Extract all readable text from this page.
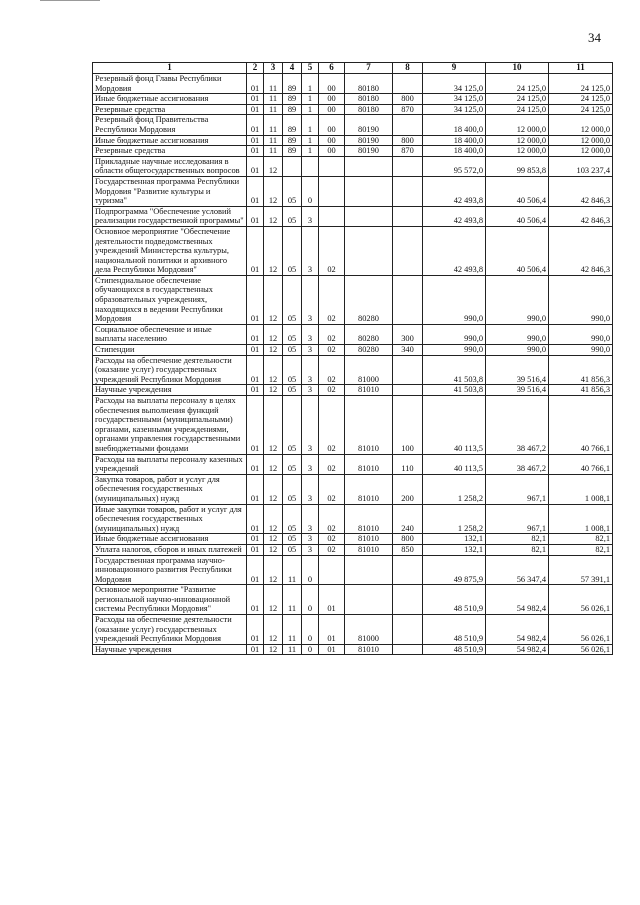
34
1	2	3	4	5	6	7	8	9	10	11
Резервный фонд Главы Республики Мордовия	01	11	89	1	00	80180		34 125,0	24 125,0	24 125,0
Иные бюджетные ассигнования	01	11	89	1	00	80180	800	34 125,0	24 125,0	24 125,0
Резервные средства	01	11	89	1	00	80180	870	34 125,0	24 125,0	24 125,0
Резервный фонд Правительства Республики Мордовия	01	11	89	1	00	80190		18 400,0	12 000,0	12 000,0
Иные бюджетные ассигнования	01	11	89	1	00	80190	800	18 400,0	12 000,0	12 000,0
Резервные средства	01	11	89	1	00	80190	870	18 400,0	12 000,0	12 000,0
Прикладные научные исследования в области общегосударственных вопросов	01	12						95 572,0	99 853,8	103 237,4
Государственная программа Республики Мордовия "Развитие культуры и туризма"	01	12	05	0				42 493,8	40 506,4	42 846,3
Подпрограмма "Обеспечение условий реализации государственной программы"	01	12	05	3				42 493,8	40 506,4	42 846,3
Основное мероприятие "Обеспечение деятельности подведомственных учреждений Министерства культуры, национальной политики и архивного дела Республики Мордовия"	01	12	05	3	02			42 493,8	40 506,4	42 846,3
Стипендиальное обеспечение обучающихся в государственных образовательных учреждениях, находящихся в ведении Республики Мордовия	01	12	05	3	02	80280		990,0	990,0	990,0
Социальное обеспечение и иные выплаты населению	01	12	05	3	02	80280	300	990,0	990,0	990,0
Стипендии	01	12	05	3	02	80280	340	990,0	990,0	990,0
Расходы на обеспечение деятельности (оказание услуг) государственных учреждений Республики Мордовия	01	12	05	3	02	81000		41 503,8	39 516,4	41 856,3
Научные учреждения	01	12	05	3	02	81010		41 503,8	39 516,4	41 856,3
Расходы на выплаты персоналу в целях обеспечения выполнения функций государственными (муниципальными) органами, казенными учреждениями, органами управления государственными внебюджетными фондами	01	12	05	3	02	81010	100	40 113,5	38 467,2	40 766,1
Расходы на выплаты персоналу казенных учреждений	01	12	05	3	02	81010	110	40 113,5	38 467,2	40 766,1
Закупка товаров, работ и услуг для обеспечения государственных (муниципальных) нужд	01	12	05	3	02	81010	200	1 258,2	967,1	1 008,1
Иные закупки товаров, работ и услуг для обеспечения государственных (муниципальных) нужд	01	12	05	3	02	81010	240	1 258,2	967,1	1 008,1
Иные бюджетные ассигнования	01	12	05	3	02	81010	800	132,1	82,1	82,1
Уплата налогов, сборов и иных платежей	01	12	05	3	02	81010	850	132,1	82,1	82,1
Государственная программа научно-инновационного развития Республики Мордовия	01	12	11	0				49 875,9	56 347,4	57 391,1
Основное мероприятие "Развитие региональной научно-инновационной системы Республики Мордовия"	01	12	11	0	01			48 510,9	54 982,4	56 026,1
Расходы на обеспечение деятельности (оказание услуг) государственных учреждений Республики Мордовия	01	12	11	0	01	81000		48 510,9	54 982,4	56 026,1
Научные учреждения	01	12	11	0	01	81010		48 510,9	54 982,4	56 026,1
